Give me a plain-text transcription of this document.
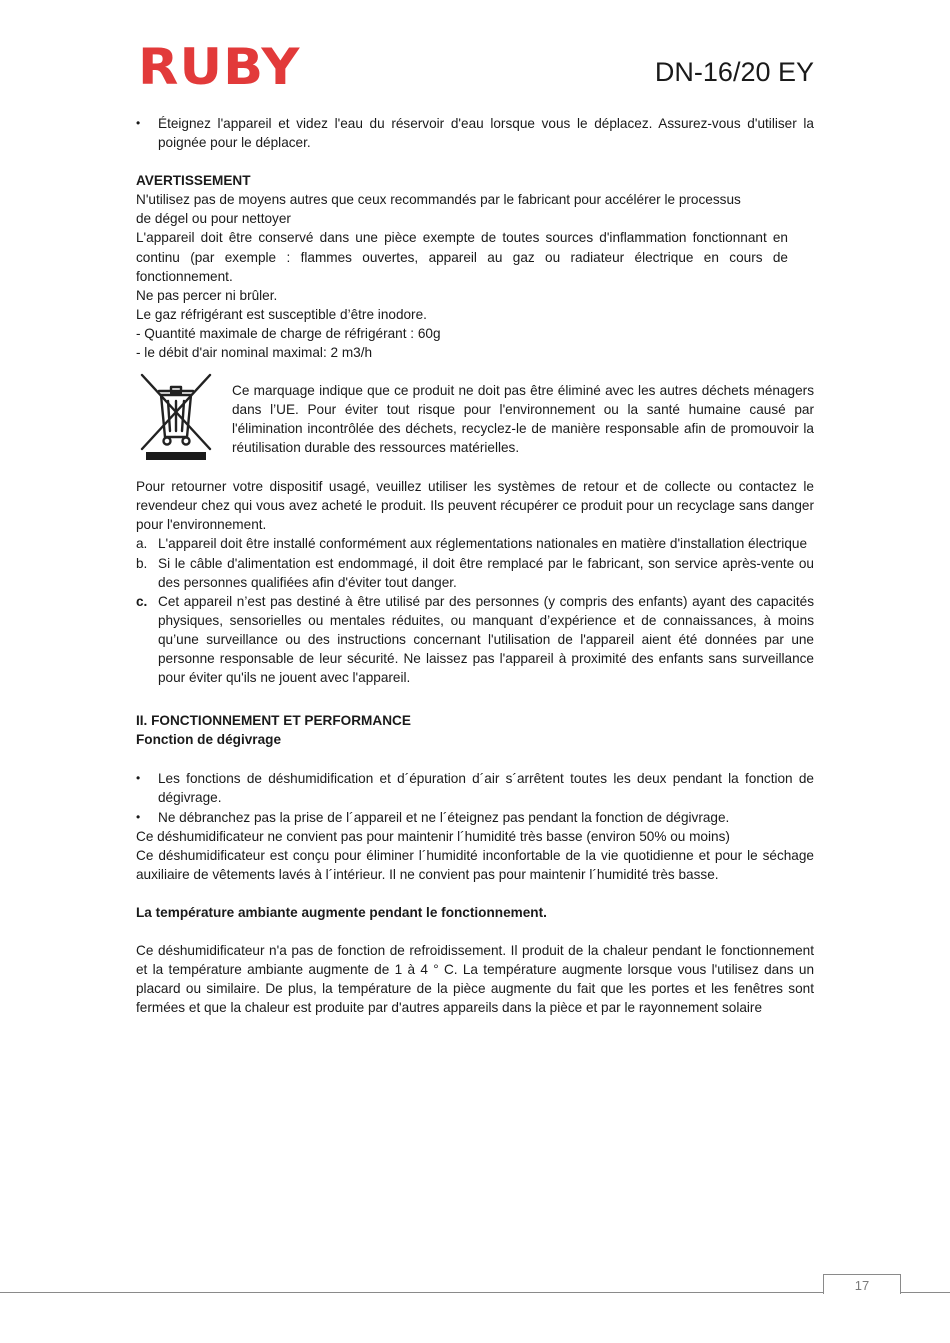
RUBY	DN-16/20 EY

• Éteignez l'appareil et videz l'eau du réservoir d'eau lorsque vous le déplacez. Assurez-vous d'utiliser la poignée pour le déplacer.

AVERTISSEMENT

N'utilisez pas de moyens autres que ceux recommandés par le fabricant pour accélérer le processus de dégel ou pour nettoyer

L'appareil doit être conservé dans une pièce exempte de toutes sources d'inflammation fonctionnant en continu (par exemple : flammes ouvertes, appareil au gaz ou radiateur électrique en cours de fonctionnement.

Ne pas percer ni brûler.

Le gaz réfrigérant est susceptible d’être inodore.

- Quantité maximale de charge de réfrigérant : 60g

- le débit d'air nominal maximal: 2 m3/h

Ce marquage indique que ce produit ne doit pas être éliminé avec les autres déchets ménagers dans l’UE. Pour éviter tout risque pour l'environnement ou la santé humaine causé par l'élimination incontrôlée des déchets, recyclez-le de manière responsable afin de promouvoir la réutilisation durable des ressources matérielles.

Pour retourner votre dispositif usagé, veuillez utiliser les systèmes de retour et de collecte ou contactez le revendeur chez qui vous avez acheté le produit. Ils peuvent récupérer ce produit pour un recyclage sans danger pour l'environnement.

a. L'appareil doit être installé conformément aux réglementations nationales en matière d'installation électrique
b. Si le câble d'alimentation est endommagé, il doit être remplacé par le fabricant, son service après-vente ou des personnes qualifiées afin d'éviter tout danger.
c. Cet appareil n’est pas destiné à être utilisé par des personnes (y compris des enfants) ayant des capacités physiques, sensorielles ou mentales réduites, ou manquant d’expérience et de connaissances, à moins qu’une surveillance ou des instructions concernant l'utilisation de l'appareil aient été données par une personne responsable de leur sécurité. Ne laissez pas l'appareil à proximité des enfants sans surveillance pour éviter qu'ils ne jouent avec l'appareil.

II. FONCTIONNEMENT ET PERFORMANCE

Fonction de dégivrage

• Les fonctions de déshumidification et d´épuration d´air s´arrêtent toutes les deux pendant la fonction de dégivrage.

• Ne débranchez pas la prise de l´appareil et ne l´éteignez pas pendant la fonction de dégivrage.

Ce déshumidificateur ne convient pas pour maintenir l´humidité très basse (environ 50% ou moins)

Ce déshumidificateur est conçu pour éliminer l´humidité inconfortable de la vie quotidienne et pour le séchage auxiliaire de vêtements lavés à l´intérieur. Il ne convient pas pour maintenir l´humidité très basse.

La température ambiante augmente pendant le fonctionnement.

Ce déshumidificateur n'a pas de fonction de refroidissement. Il produit de la chaleur pendant le fonctionnement et la température ambiante augmente de 1 à 4 ° C. La température augmente lorsque vous l'utilisez dans un placard ou similaire. De plus, la température de la pièce augmente du fait que les portes et les fenêtres sont fermées et que la chaleur est produite par d'autres appareils dans la pièce et par le rayonnement solaire

17
